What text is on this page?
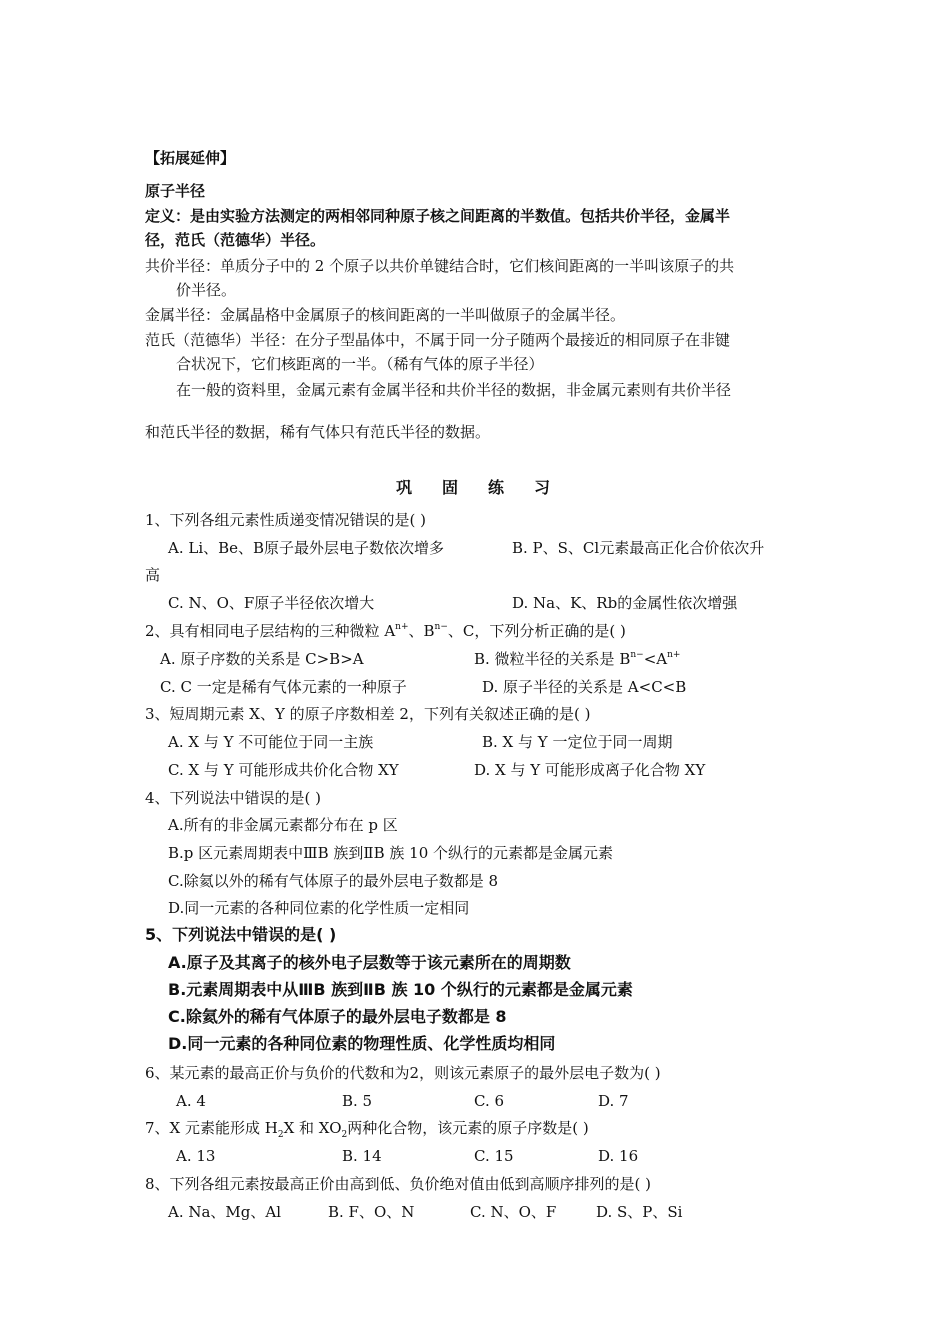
【拓展延伸】
原子半径
定义：是由实验方法测定的两相邻同种原子核之间距离的半数值。包括共价半径，金属半
径，范氏（范德华）半径。
共价半径：单质分子中的 2 个原子以共价单键结合时，它们核间距离的一半叫该原子的共
价半径。
金属半径：金属晶格中金属原子的核间距离的一半叫做原子的金属半径。
范氏（范德华）半径：在分子型晶体中，不属于同一分子随两个最接近的相同原子在非键
合状况下，它们核距离的一半。（稀有气体的原子半径）
在一般的资料里，金属元素有金属半径和共价半径的数据，非金属元素则有共价半径
和范氏半径的数据，稀有气体只有范氏半径的数据。
巩固练习
1、下列各组元素性质递变情况错误的是( )
A. Li、Be、B原子最外层电子数依次增多	B. P、S、Cl元素最高正化合价依次升
高
C. N、O、F原子半径依次增大	D. Na、K、Rb的金属性依次增强
2、具有相同电子层结构的三种微粒 $A^{n+}$、$B^{n-}$、C，下列分析正确的是( )
A. 原子序数的关系是 C>B>A	B. 微粒半径的关系是 $B^{n-}<A^{n+}$
C. C 一定是稀有气体元素的一种原子	D. 原子半径的关系是 A<C<B
3、短周期元素 X、Y 的原子序数相差 2，下列有关叙述正确的是( )
A. X 与 Y 不可能位于同一主族	B. X 与 Y 一定位于同一周期
C. X 与 Y 可能形成共价化合物 XY	D. X 与 Y 可能形成离子化合物 XY
4、下列说法中错误的是( )
A.所有的非金属元素都分布在 p 区
B.p 区元素周期表中ⅢB 族到ⅡB 族 10 个纵行的元素都是金属元素
C.除氦以外的稀有气体原子的最外层电子数都是 8
D.同一元素的各种同位素的化学性质一定相同
5、下列说法中错误的是( )
A.原子及其离子的核外电子层数等于该元素所在的周期数
B.元素周期表中从ⅢB 族到ⅡB 族 10 个纵行的元素都是金属元素
C.除氦外的稀有气体原子的最外层电子数都是 8
D.同一元素的各种同位素的物理性质、化学性质均相同
6、某元素的最高正价与负价的代数和为2，则该元素原子的最外层电子数为( )
A. 4	B. 5	C. 6	D. 7
7、X 元素能形成 $H_2X$ 和 $XO_2$两种化合物，该元素的原子序数是( )
A. 13	B. 14	C. 15	D. 16
8、下列各组元素按最高正价由高到低、负价绝对值由低到高顺序排列的是( )
A. Na、Mg、Al	B. F、O、N	C. N、O、F	D. S、P、Si
